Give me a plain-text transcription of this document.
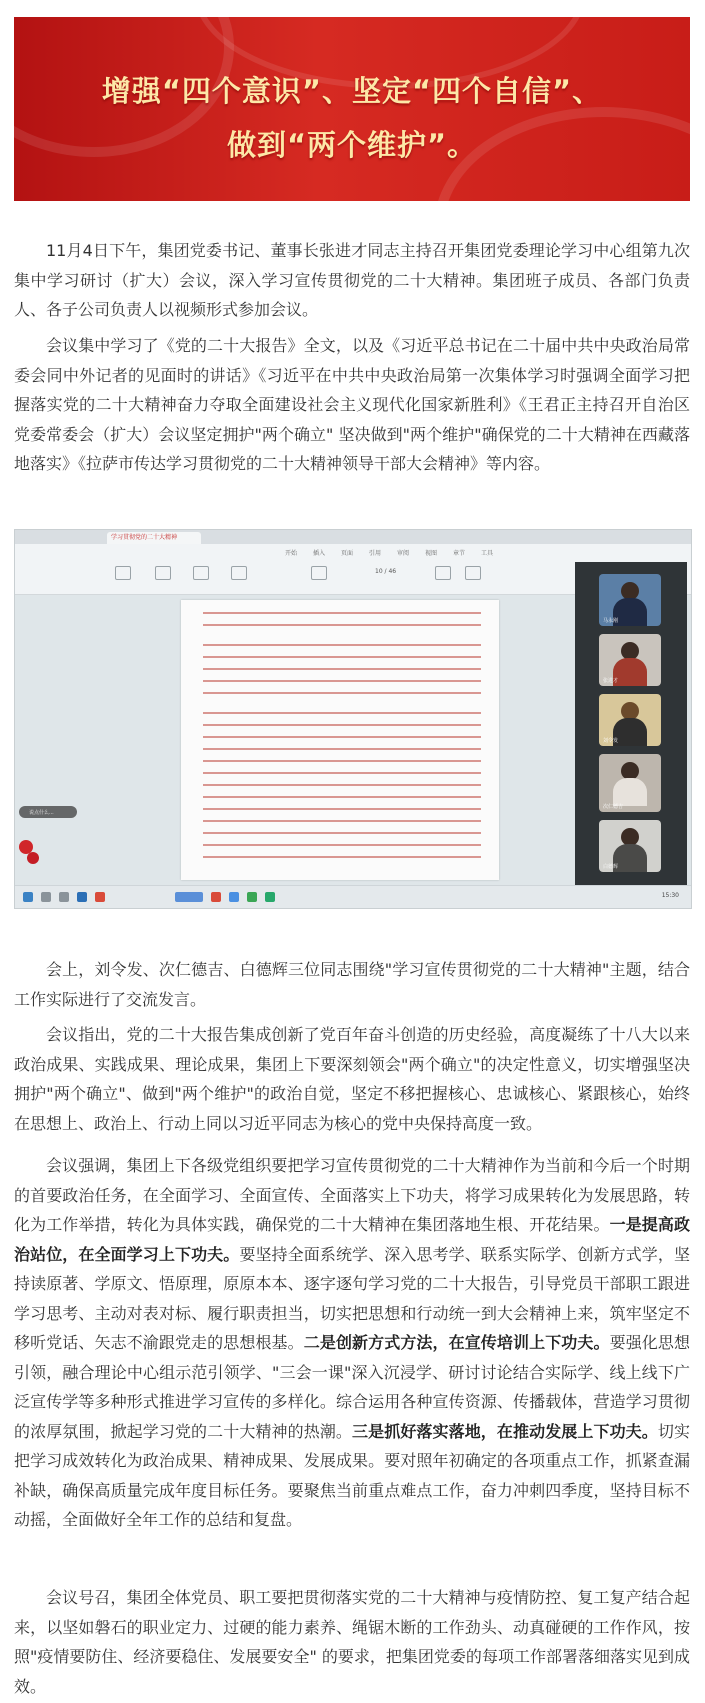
增强“四个意识”、坚定“四个自信”、
做到“两个维护”。

11月4日下午，集团党委书记、董事长张进才同志主持召开集团党委理论学习中心组第九次集中学习研讨（扩大）会议，深入学习宣传贯彻党的二十大精神。集团班子成员、各部门负责人、各子公司负责人以视频形式参加会议。

会议集中学习了《党的二十大报告》全文，以及《习近平总书记在二十届中共中央政治局常委会同中外记者的见面时的讲话》《习近平在中共中央政治局第一次集体学习时强调全面学习把握落实党的二十大精神奋力夺取全面建设社会主义现代化国家新胜利》《王君正主持召开自治区党委常委会（扩大）会议坚定拥护"两个确立" 坚决做到"两个维护"确保党的二十大精神在西藏落地落实》《拉萨市传达学习贯彻党的二十大精神领导干部大会精神》等内容。

学习贯彻党的二十大精神
开始	插入	页面	引用	审阅	视图	章节	工具
10 / 46
马永刚
张进才
刘令发
次仁德吉
白德辉
说点什么...
15:30

会上，刘令发、次仁德吉、白德辉三位同志围绕"学习宣传贯彻党的二十大精神"主题，结合工作实际进行了交流发言。

会议指出，党的二十大报告集成创新了党百年奋斗创造的历史经验，高度凝练了十八大以来政治成果、实践成果、理论成果，集团上下要深刻领会"两个确立"的决定性意义，切实增强坚决拥护"两个确立"、做到"两个维护"的政治自觉，坚定不移把握核心、忠诚核心、紧跟核心，始终在思想上、政治上、行动上同以习近平同志为核心的党中央保持高度一致。

会议强调，集团上下各级党组织要把学习宣传贯彻党的二十大精神作为当前和今后一个时期的首要政治任务，在全面学习、全面宣传、全面落实上下功夫，将学习成果转化为发展思路，转化为工作举措，转化为具体实践，确保党的二十大精神在集团落地生根、开花结果。一是提高政治站位，在全面学习上下功夫。要坚持全面系统学、深入思考学、联系实际学、创新方式学，坚持读原著、学原文、悟原理，原原本本、逐字逐句学习党的二十大报告，引导党员干部职工跟进学习思考、主动对表对标、履行职责担当，切实把思想和行动统一到大会精神上来，筑牢坚定不移听党话、矢志不渝跟党走的思想根基。二是创新方式方法，在宣传培训上下功夫。要强化思想引领，融合理论中心组示范引领学、"三会一课"深入沉浸学、研讨讨论结合实际学、线上线下广泛宣传学等多种形式推进学习宣传的多样化。综合运用各种宣传资源、传播载体，营造学习贯彻的浓厚氛围，掀起学习党的二十大精神的热潮。三是抓好落实落地，在推动发展上下功夫。切实把学习成效转化为政治成果、精神成果、发展成果。要对照年初确定的各项重点工作，抓紧查漏补缺，确保高质量完成年度目标任务。要聚焦当前重点难点工作，奋力冲刺四季度，坚持目标不动摇，全面做好全年工作的总结和复盘。

会议号召，集团全体党员、职工要把贯彻落实党的二十大精神与疫情防控、复工复产结合起来，以坚如磐石的职业定力、过硬的能力素养、绳锯木断的工作劲头、动真碰硬的工作作风，按照"疫情要防住、经济要稳住、发展要安全" 的要求，把集团党委的每项工作部署落细落实见到成效。
